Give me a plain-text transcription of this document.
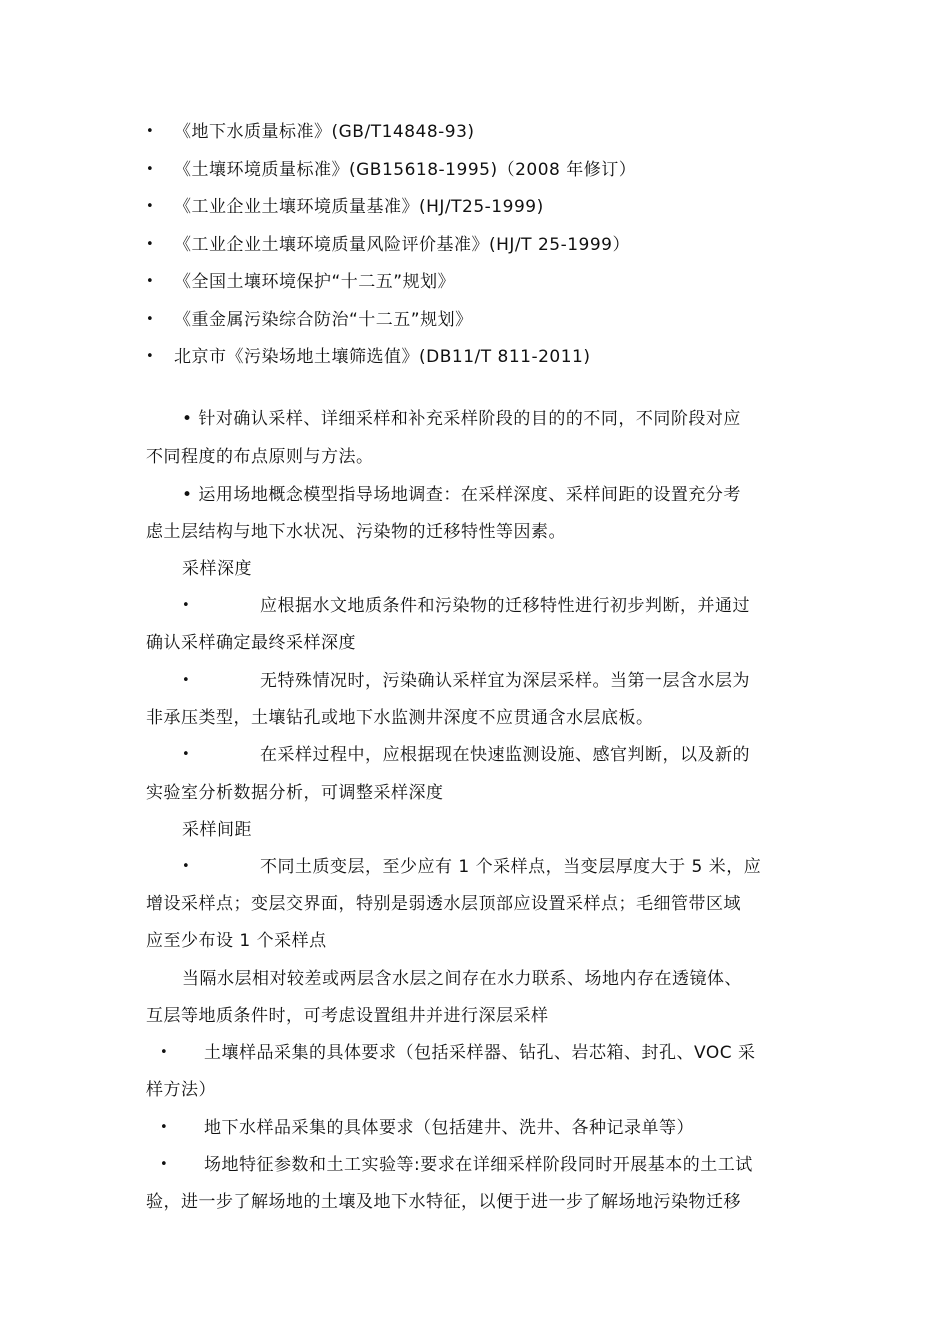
• 《地下水质量标准》(GB/T14848-93)
• 《土壤环境质量标准》(GB15618-1995)（2008 年修订）
• 《工业企业土壤环境质量基准》(HJ/T25-1999)
• 《工业企业土壤环境质量风险评价基准》(HJ/T 25-1999）
• 《全国土壤环境保护“十二五”规划》
• 《重金属污染综合防治“十二五”规划》
• 北京市《污染场地土壤筛选值》(DB11/T 811-2011)
• 针对确认采样、详细采样和补充采样阶段的目的的不同，不同阶段对应
不同程度的布点原则与方法。
• 运用场地概念模型指导场地调查：在采样深度、采样间距的设置充分考
虑土层结构与地下水状况、污染物的迁移特性等因素。
采样深度
•	应根据水文地质条件和污染物的迁移特性进行初步判断，并通过
确认采样确定最终采样深度
•	无特殊情况时，污染确认采样宜为深层采样。当第一层含水层为
非承压类型，土壤钻孔或地下水监测井深度不应贯通含水层底板。
•	在采样过程中，应根据现在快速监测设施、感官判断，以及新的
实验室分析数据分析，可调整采样深度
采样间距
•	不同土质变层，至少应有 1 个采样点，当变层厚度大于 5 米，应
增设采样点；变层交界面，特别是弱透水层顶部应设置采样点；毛细管带区域
应至少布设 1 个采样点
当隔水层相对较差或两层含水层之间存在水力联系、场地内存在透镜体、
互层等地质条件时，可考虑设置组井并进行深层采样
• 土壤样品采集的具体要求（包括采样器、钻孔、岩芯箱、封孔、VOC 采
样方法）
• 地下水样品采集的具体要求（包括建井、洗井、各种记录单等）
• 场地特征参数和土工实验等:要求在详细采样阶段同时开展基本的土工试
验，进一步了解场地的土壤及地下水特征，以便于进一步了解场地污染物迁移
